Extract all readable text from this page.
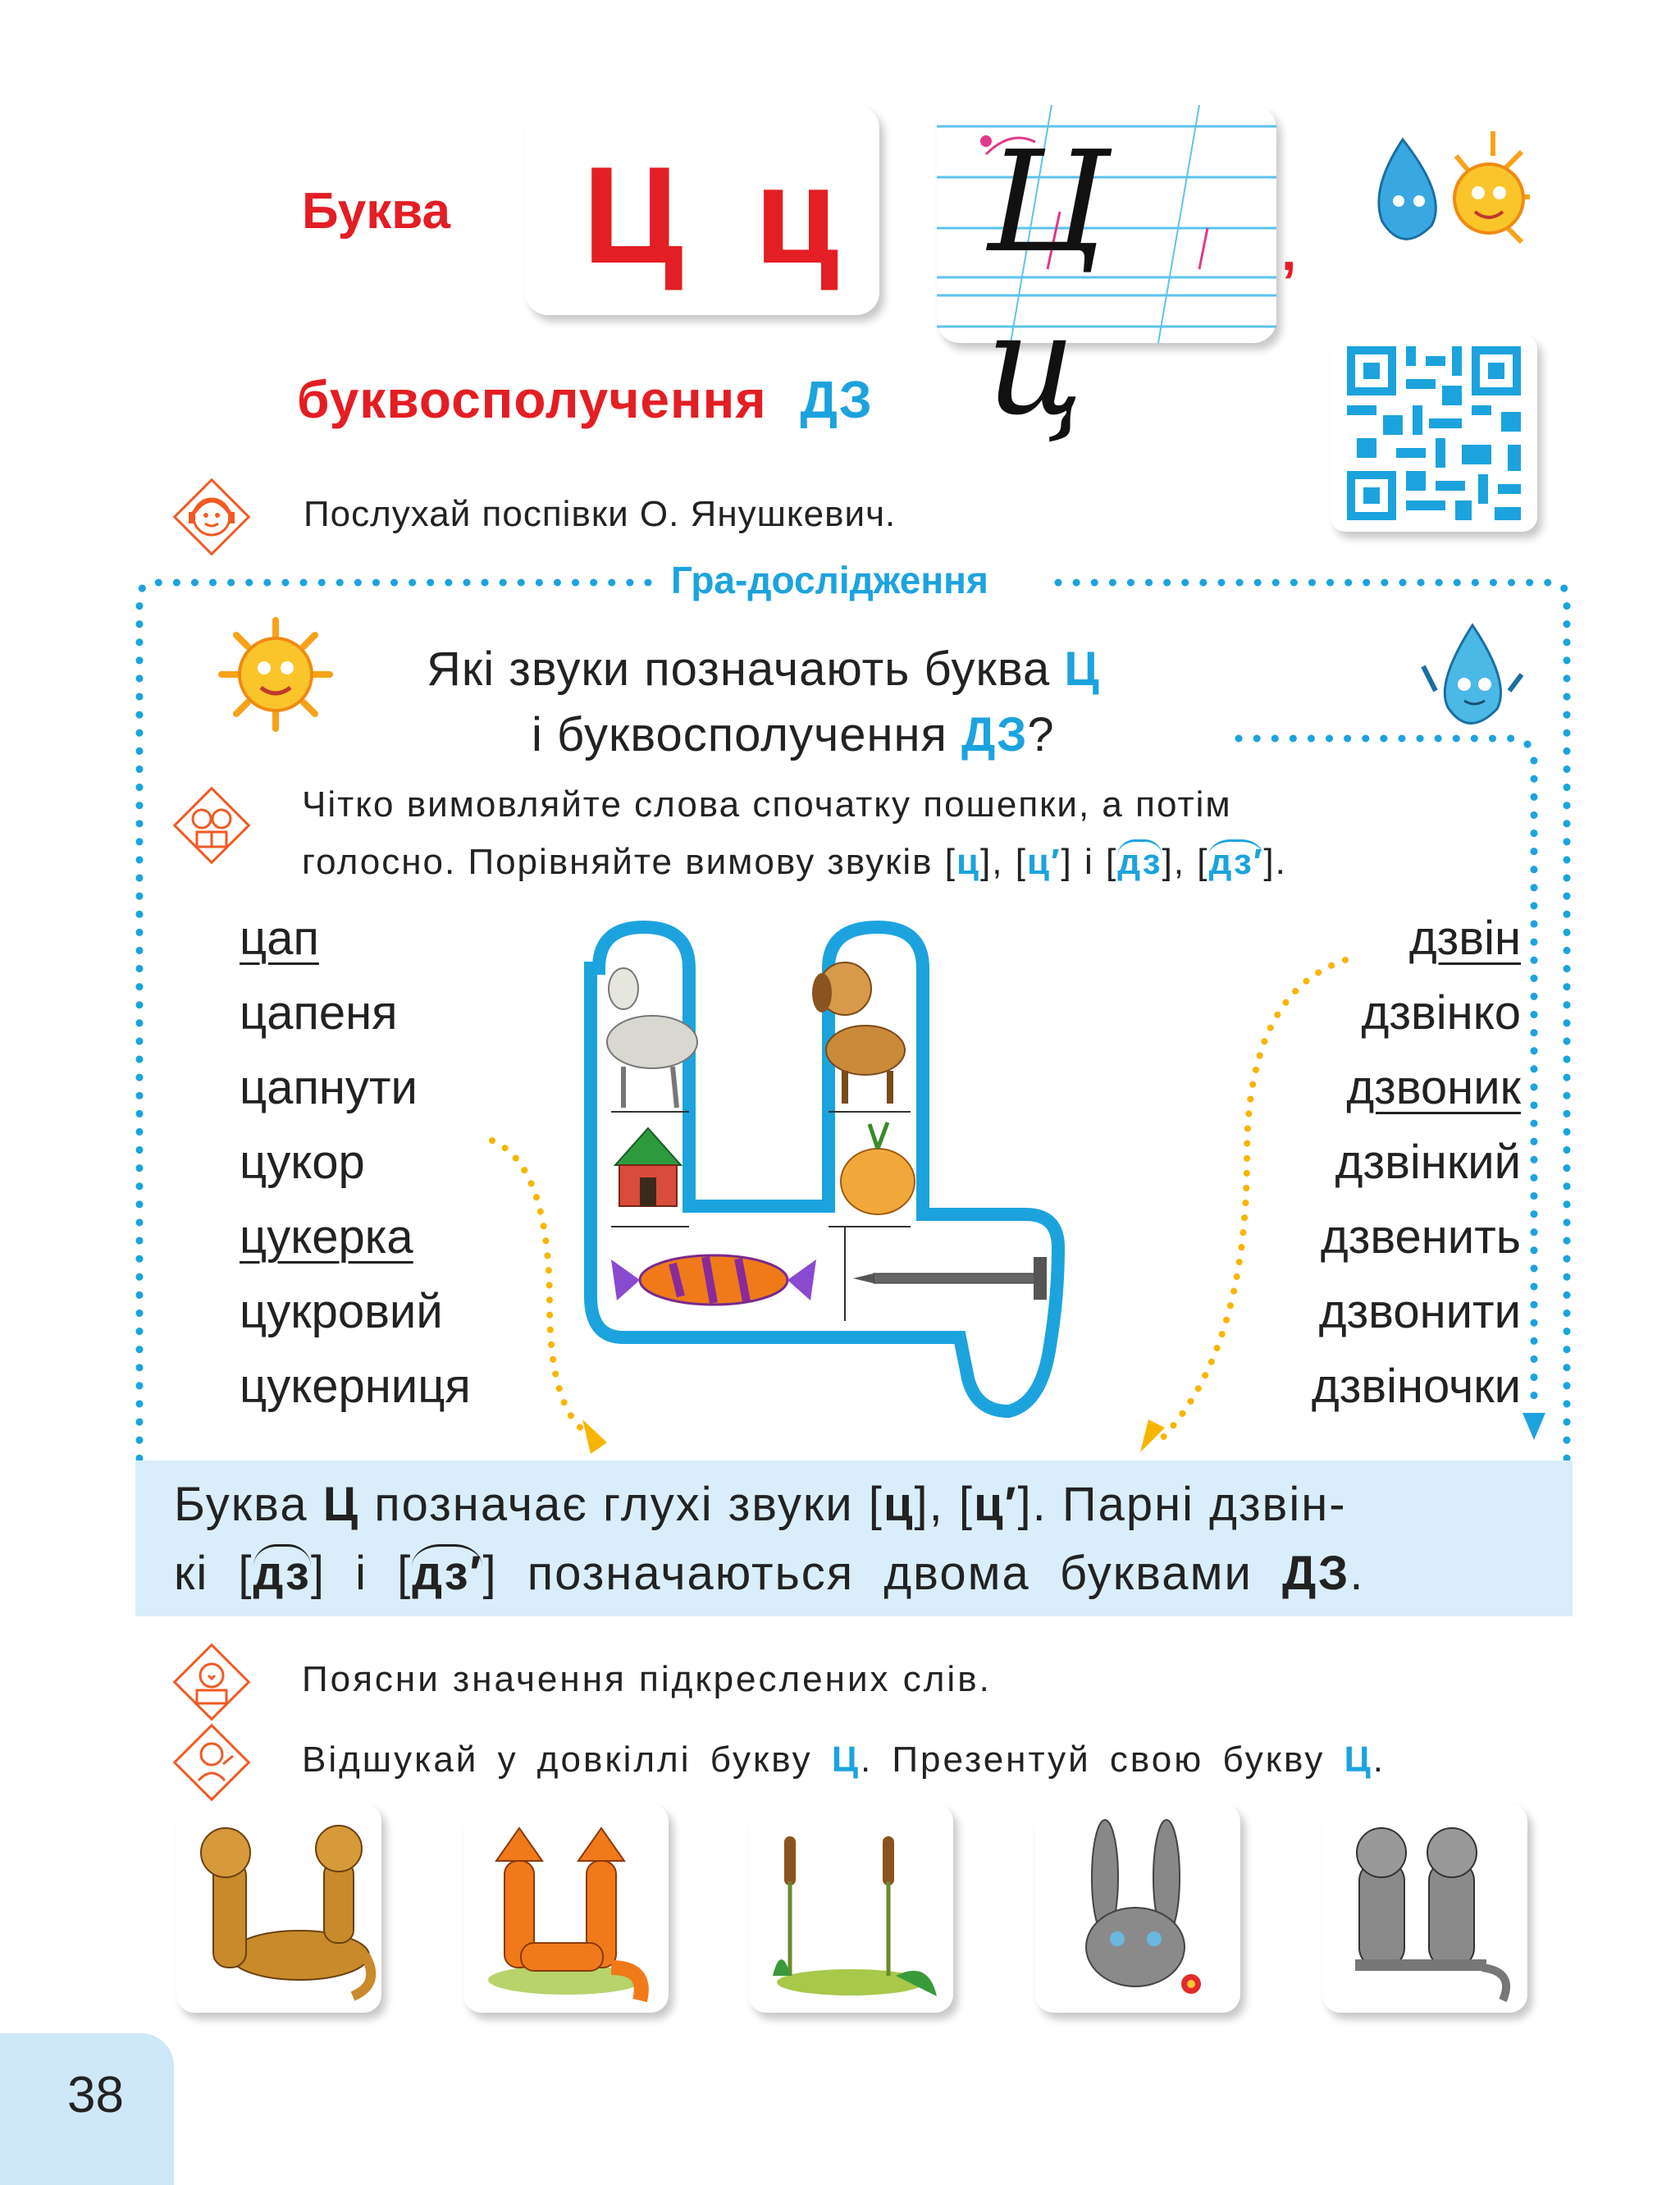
Буква Ц ц Ц ц
,
буквосполучення ДЗ
Послухай поспівки О. Янушкевич.
Гра-дослідження
Які звуки позначають буква Ц
і буквосполучення ДЗ?
Чітко вимовляйте слова спочатку пошепки, а потім
голосно. Порівняйте вимову звуків [ц], [ц′] і [дз], [дз′].
цап
цапеня
цапнути
цукор
цукерка
цукровий
цукерниця
дзвін
дзвінко
дзвоник
дзвінкий
дзвенить
дзвонити
дзвіночки
Буква Ц позначає глухі звуки [ц], [ц′]. Парні дзвін-
кі [дз] і [дз′] позначаються двома буквами ДЗ.
Поясни значення підкреслених слів.
Відшукай у довкіллі букву Ц. Презентуй свою букву Ц.
38
